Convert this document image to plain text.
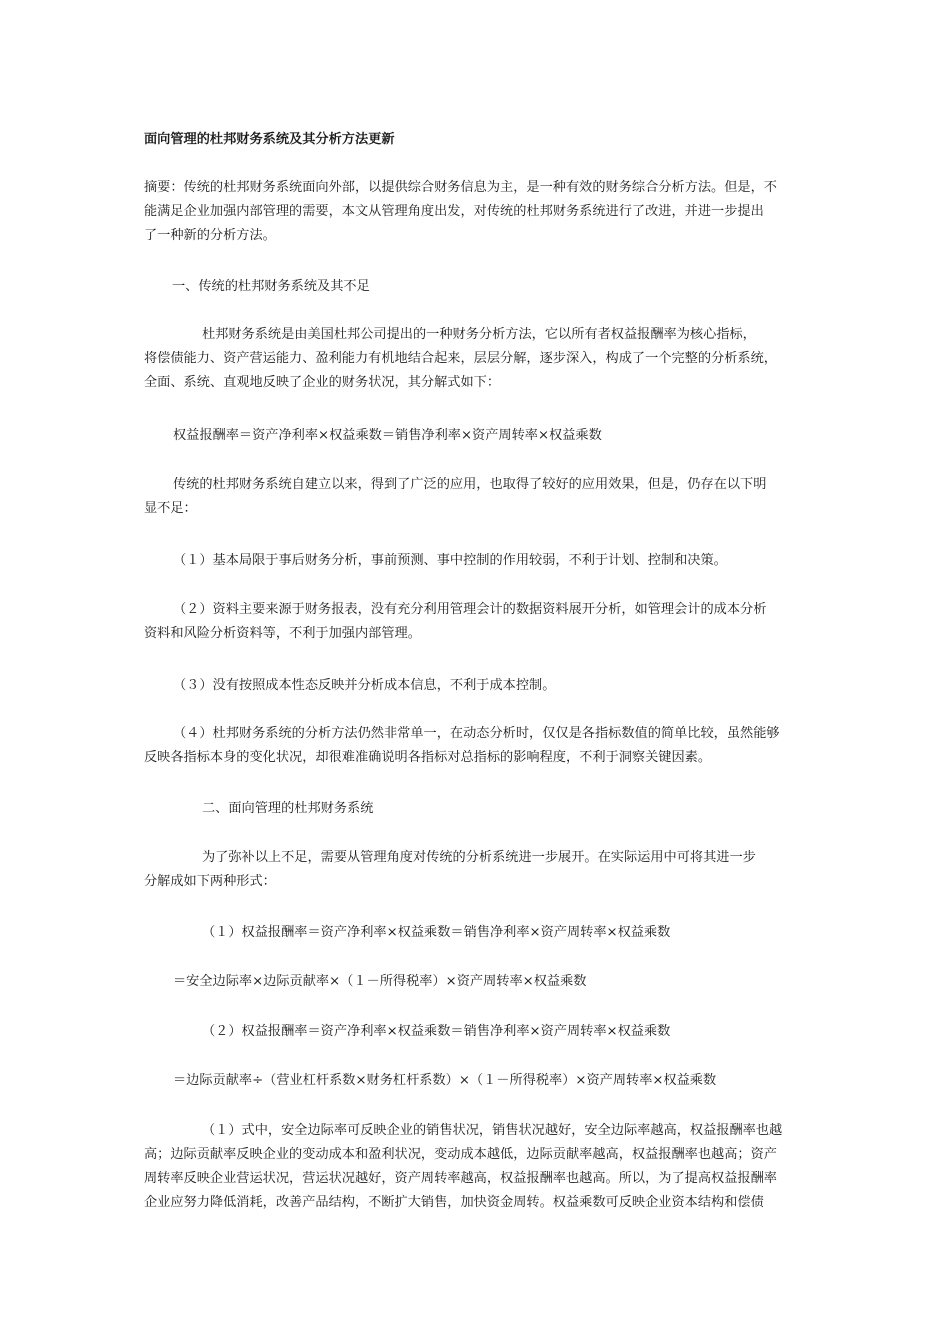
面向管理的杜邦财务系统及其分析方法更新
摘要：传统的杜邦财务系统面向外部，以提供综合财务信息为主，是一种有效的财务综合分析方法。但是，不
能满足企业加强内部管理的需要，本文从管理角度出发，对传统的杜邦财务系统进行了改进，并进一步提出
了一种新的分析方法。
一、传统的杜邦财务系统及其不足
杜邦财务系统是由美国杜邦公司提出的一种财务分析方法，它以所有者权益报酬率为核心指标，
将偿债能力、资产营运能力、盈利能力有机地结合起来，层层分解，逐步深入，构成了一个完整的分析系统，
全面、系统、直观地反映了企业的财务状况，其分解式如下：
权益报酬率＝资产净利率×权益乘数＝销售净利率×资产周转率×权益乘数
传统的杜邦财务系统自建立以来，得到了广泛的应用，也取得了较好的应用效果，但是，仍存在以下明
显不足：
（１）基本局限于事后财务分析，事前预测、事中控制的作用较弱，不利于计划、控制和决策。
（２）资料主要来源于财务报表，没有充分利用管理会计的数据资料展开分析，如管理会计的成本分析
资料和风险分析资料等，不利于加强内部管理。
（３）没有按照成本性态反映并分析成本信息，不利于成本控制。
（４）杜邦财务系统的分析方法仍然非常单一，在动态分析时，仅仅是各指标数值的简单比较，虽然能够
反映各指标本身的变化状况，却很难准确说明各指标对总指标的影响程度，不利于洞察关键因素。
二、面向管理的杜邦财务系统
为了弥补以上不足，需要从管理角度对传统的分析系统进一步展开。在实际运用中可将其进一步
分解成如下两种形式：
（１）权益报酬率＝资产净利率×权益乘数＝销售净利率×资产周转率×权益乘数
＝安全边际率×边际贡献率×（１－所得税率）×资产周转率×权益乘数
（２）权益报酬率＝资产净利率×权益乘数＝销售净利率×资产周转率×权益乘数
＝边际贡献率÷（营业杠杆系数×财务杠杆系数）×（１－所得税率）×资产周转率×权益乘数
（１）式中，安全边际率可反映企业的销售状况，销售状况越好，安全边际率越高，权益报酬率也越
高；边际贡献率反映企业的变动成本和盈利状况，变动成本越低，边际贡献率越高，权益报酬率也越高；资产
周转率反映企业营运状况，营运状况越好，资产周转率越高，权益报酬率也越高。所以，为了提高权益报酬率
企业应努力降低消耗，改善产品结构，不断扩大销售，加快资金周转。权益乘数可反映企业资本结构和偿债
